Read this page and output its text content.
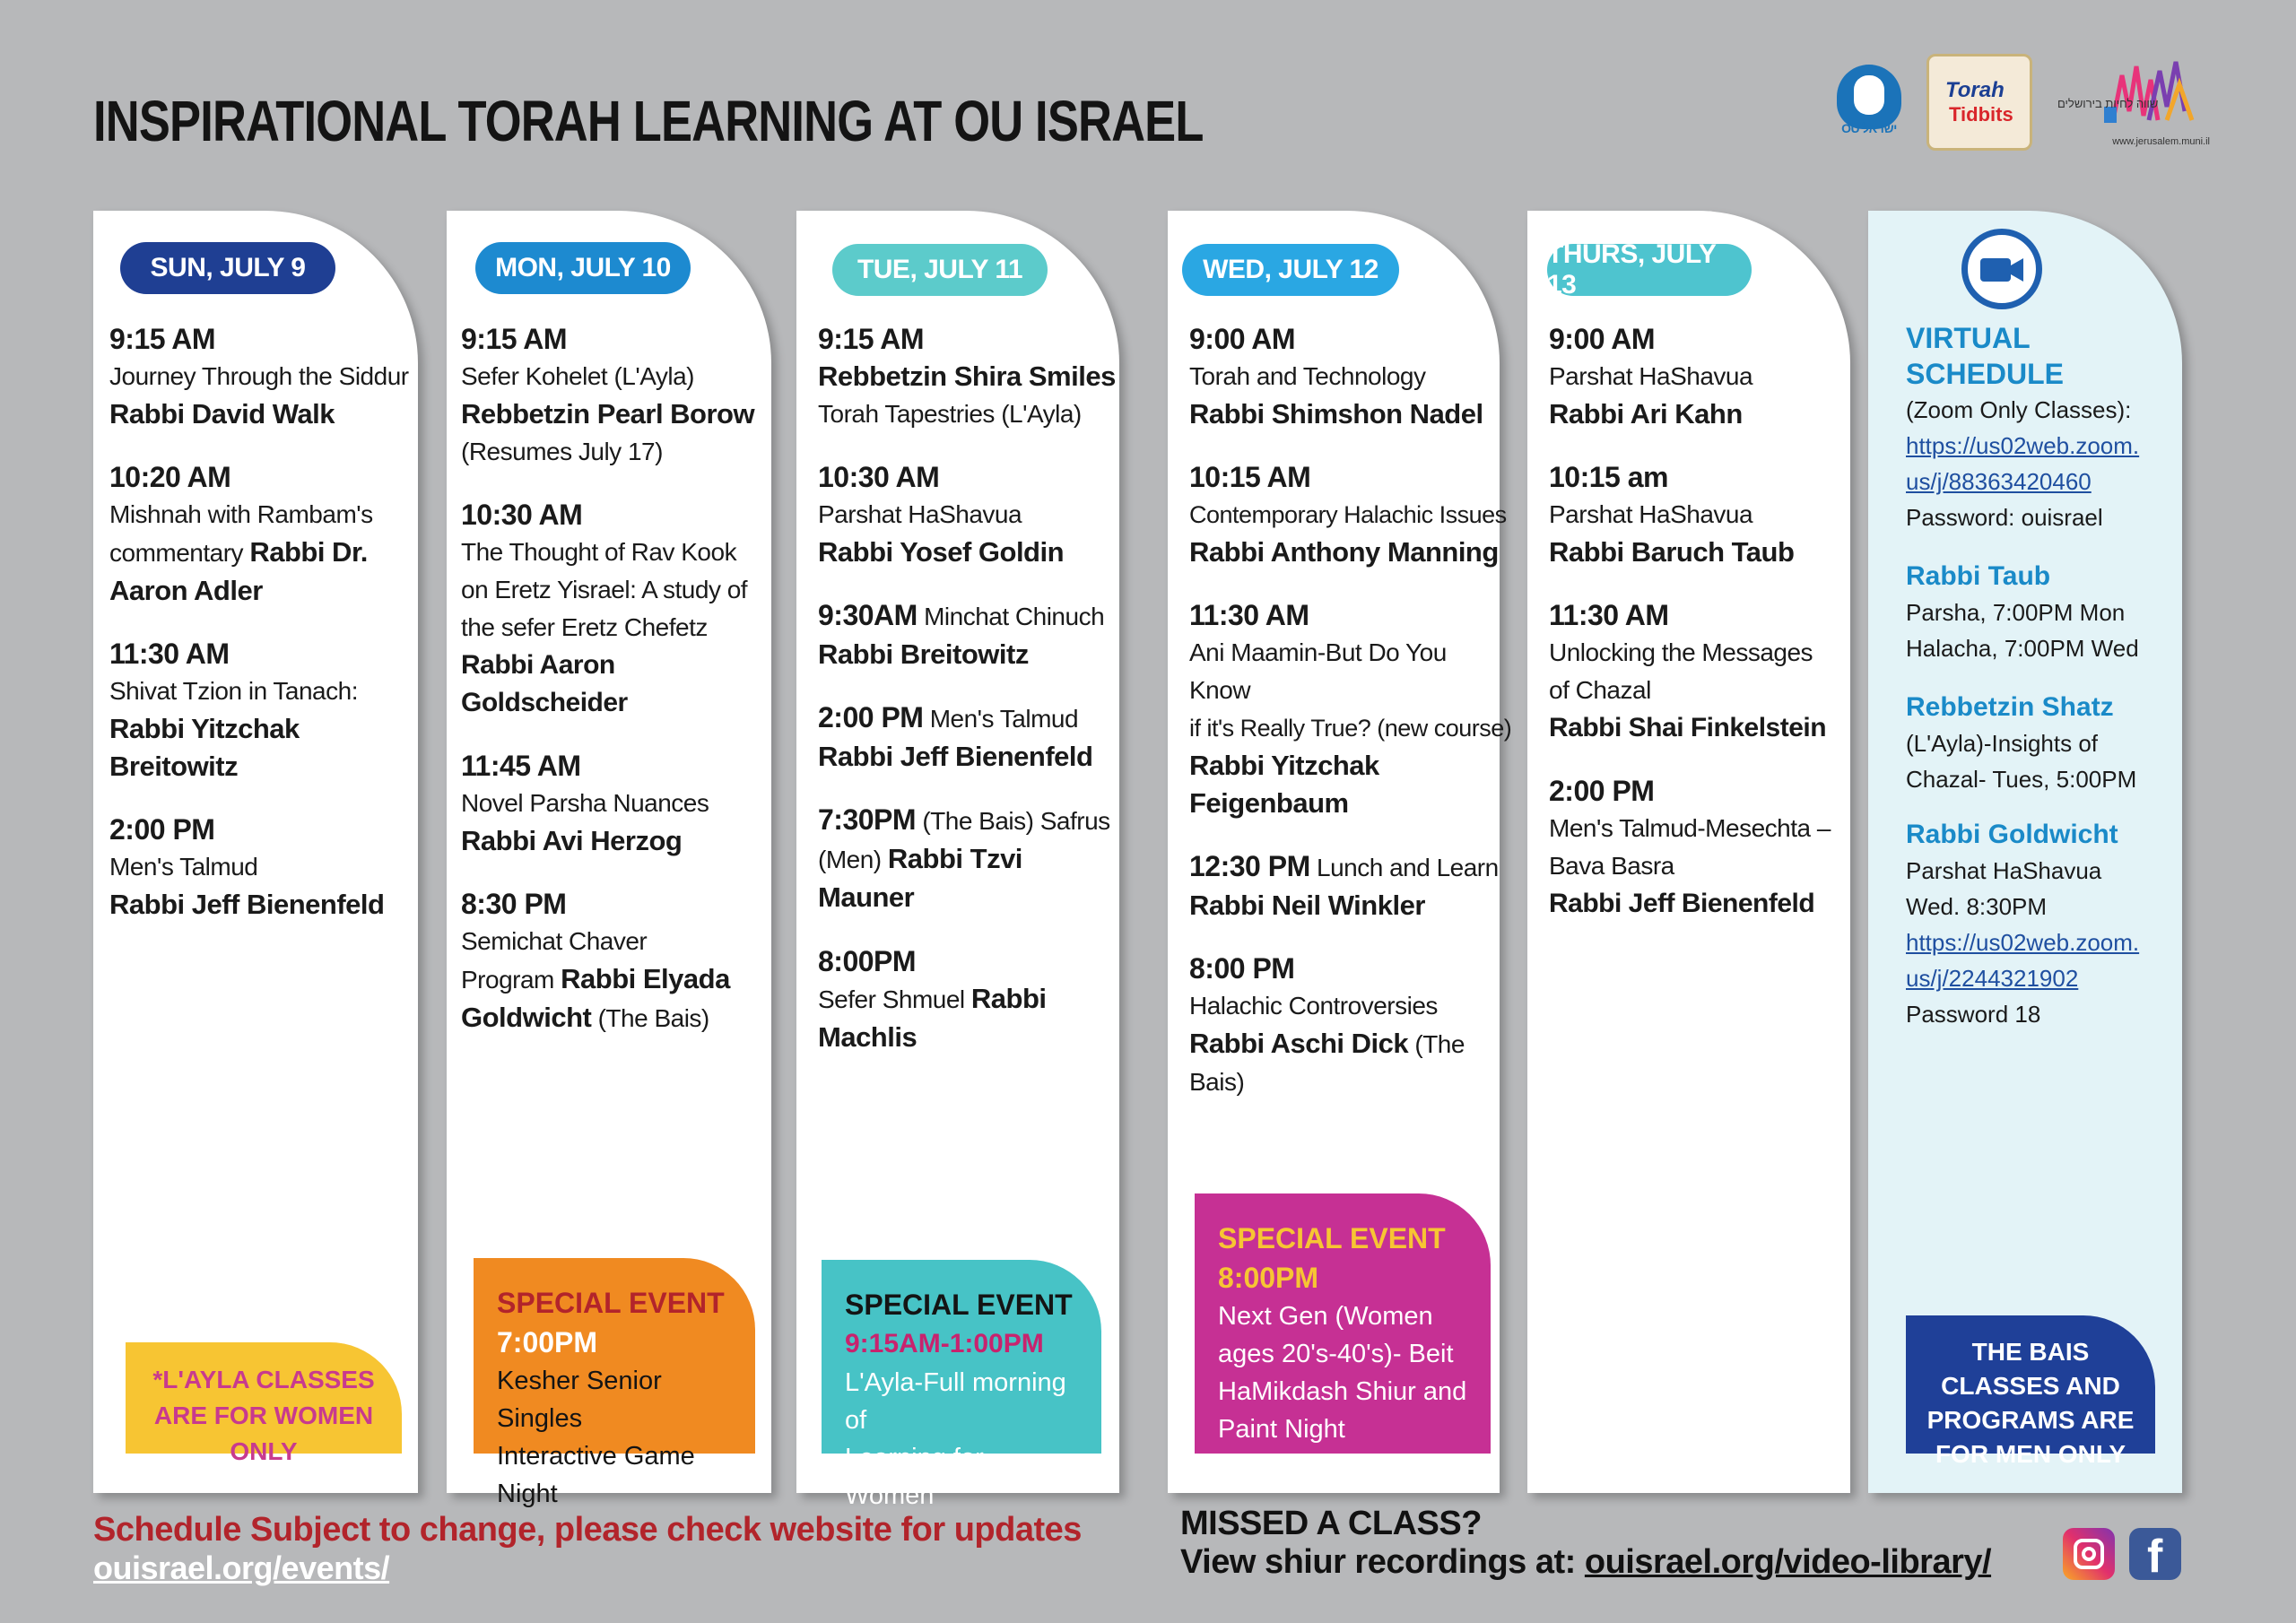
INSPIRATIONAL TORAH LEARNING AT OU ISRAEL	OU ישראל
Torah
Tidbits	שווה לחיות בירושלים
www.jerusalem.muni.il
SUN, JULY 9
9:15 AM
Journey Through the Siddur
Rabbi David Walk
10:20 AM
Mishnah with Rambam's
commentary Rabbi Dr.
Aaron Adler
11:30 AM
Shivat Tzion in Tanach:
Rabbi Yitzchak
Breitowitz
2:00 PM
Men's Talmud
Rabbi Jeff Bienenfeld
*L'AYLA CLASSES ARE FOR WOMEN ONLY
MON, JULY 10
9:15 AM
Sefer Kohelet (L'Ayla)
Rebbetzin Pearl Borow
(Resumes July 17)
10:30 AM
The Thought of Rav Kook
on Eretz Yisrael: A study of
the sefer Eretz Chefetz
Rabbi Aaron Goldscheider
11:45 AM
Novel Parsha Nuances
Rabbi Avi Herzog
8:30 PM
Semichat Chaver
Program Rabbi Elyada
Goldwicht (The Bais)
SPECIAL EVENT
7:00PM
Kesher Senior Singles
Interactive Game Night
TUE, JULY 11
9:15 AM
Rebbetzin Shira Smiles
Torah Tapestries (L'Ayla)
10:30 AM
Parshat HaShavua
Rabbi Yosef Goldin
9:30AM Minchat Chinuch
Rabbi Breitowitz
2:00 PM Men's Talmud
Rabbi Jeff Bienenfeld
7:30PM (The Bais) Safrus
(Men) Rabbi Tzvi Mauner
8:00PM
Sefer Shmuel Rabbi Machlis
SPECIAL EVENT
9:15AM-1:00PM
L'Ayla-Full morning of
Learning for Women
WED, JULY 12
9:00 AM
Torah and Technology
Rabbi Shimshon Nadel
10:15 AM
Contemporary Halachic Issues
Rabbi Anthony Manning
11:30 AM
Ani Maamin-But Do You Know
if it's Really True? (new course)
Rabbi Yitzchak
Feigenbaum
12:30 PM Lunch and Learn
Rabbi Neil Winkler
8:00 PM
Halachic Controversies
Rabbi Aschi Dick (The Bais)
SPECIAL EVENT
8:00PM
Next Gen (Women
ages 20's-40's)- Beit
HaMikdash Shiur and
Paint Night
THURS, JULY 13
9:00 AM
Parshat HaShavua
Rabbi Ari Kahn
10:15 am
Parshat HaShavua
Rabbi Baruch Taub
11:30 AM
Unlocking the Messages
of Chazal
Rabbi Shai Finkelstein
2:00 PM
Men's Talmud-Mesechta –
Bava Basra
Rabbi Jeff Bienenfeld
VIRTUAL SCHEDULE
(Zoom Only Classes):
https://us02web.zoom.
us/j/88363420460
Password: ouisrael
Rabbi Taub
Parsha, 7:00PM Mon
Halacha, 7:00PM Wed
Rebbetzin Shatz
(L'Ayla)-Insights of
Chazal- Tues, 5:00PM
Rabbi Goldwicht
Parshat HaShavua
Wed. 8:30PM
https://us02web.zoom.
us/j/2244321902
Password 18
THE BAIS CLASSES AND PROGRAMS ARE FOR MEN ONLY
Schedule Subject to change, please check website for updates
ouisrael.org/events/
MISSED A CLASS?
View shiur recordings at: ouisrael.org/video-library/	f
